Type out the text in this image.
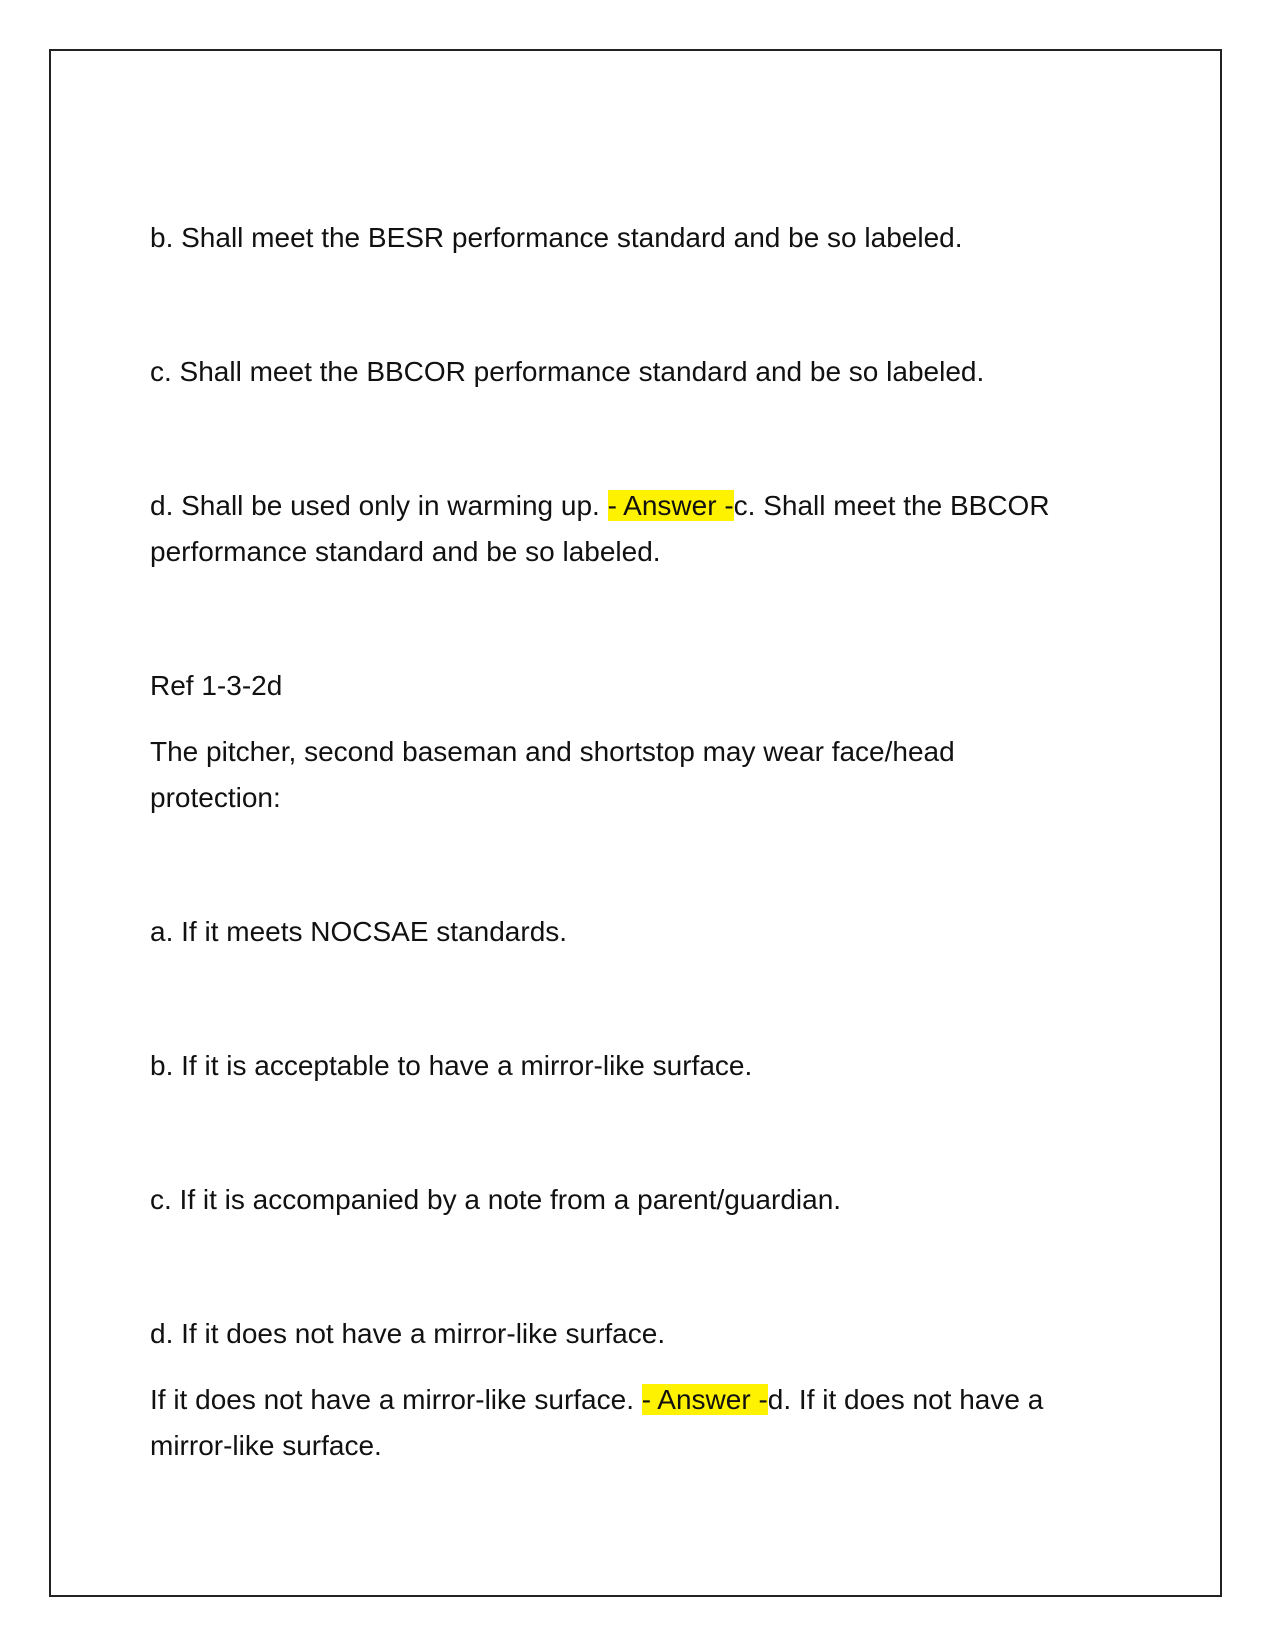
b. Shall meet the BESR performance standard and be so labeled.
c. Shall meet the BBCOR performance standard and be so labeled.
d. Shall be used only in warming up. - Answer -c. Shall meet the BBCOR
performance standard and be so labeled.
Ref 1-3-2d
The pitcher, second baseman and shortstop may wear face/head
protection:
a. If it meets NOCSAE standards.
b. If it is acceptable to have a mirror-like surface.
c. If it is accompanied by a note from a parent/guardian.
d. If it does not have a mirror-like surface.
If it does not have a mirror-like surface. - Answer -d. If it does not have a
mirror-like surface.
